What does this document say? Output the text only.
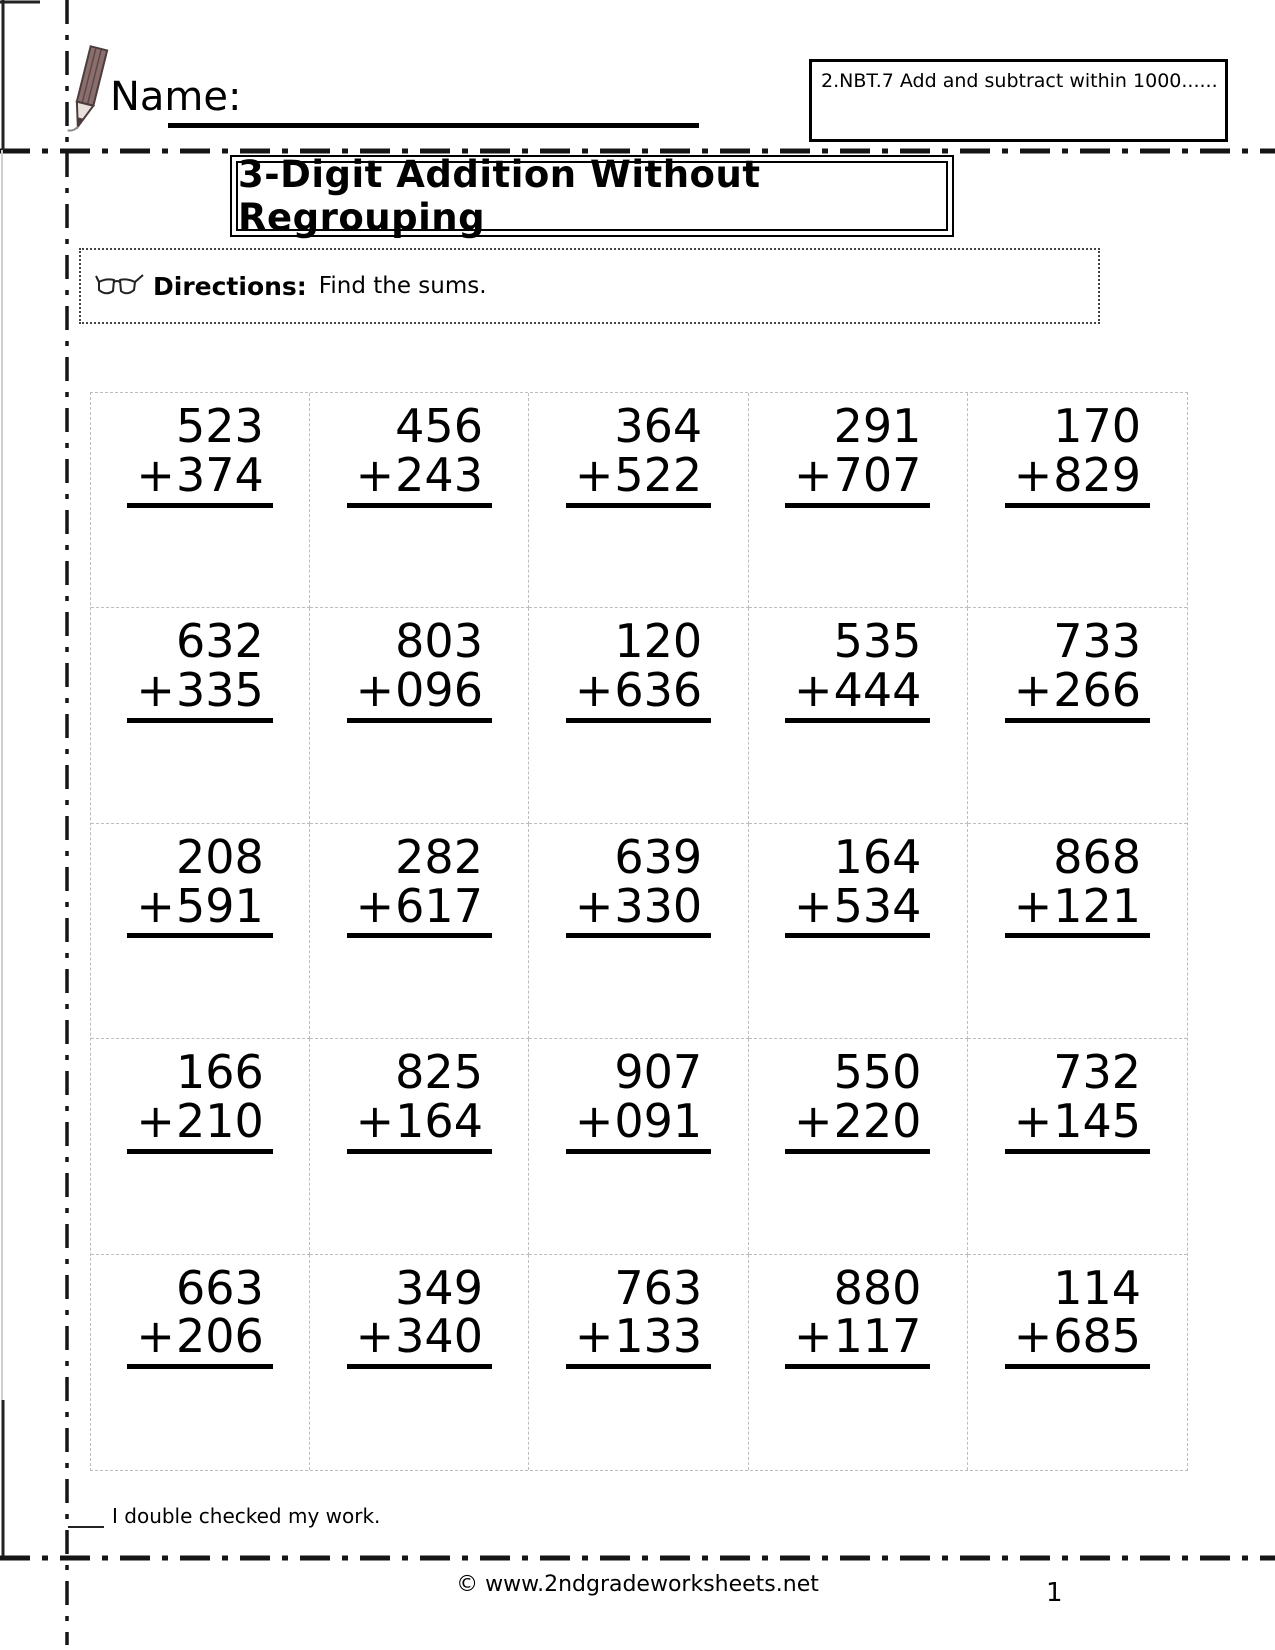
Name:	2.NBT.7 Add and subtract within 1000......
3-Digit Addition Without Regrouping
Directions: Find the sums.
523
+374
456
+243
364
+522
291
+707
170
+829
632
+335
803
+096
120
+636
535
+444
733
+266
208
+591
282
+617
639
+330
164
+534
868
+121
166
+210
825
+164
907
+091
550
+220
732
+145
663
+206
349
+340
763
+133
880
+117
114
+685
I double checked my work.
© www.2ndgradeworksheets.net	1
